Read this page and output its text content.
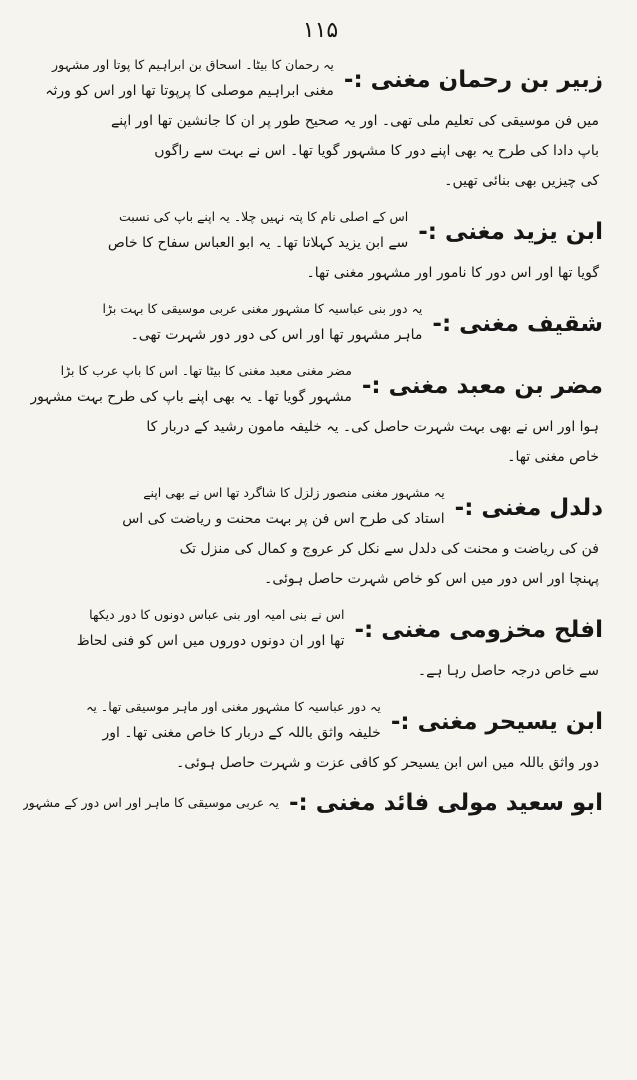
۱۱۵
زبیر بن رحمان مغنی :-
یہ رحمان کا بیٹا۔ اسحاق بن ابراہیم کا پوتا اور مشہور
مغنی ابراہیم موصلی کا پرپوتا تھا اور اس کو ورثہ
میں فن موسیقی کی تعلیم ملی تھی۔ اور یہ صحیح طور پر ان کا جانشین تھا اور اپنے
باپ دادا کی طرح یہ بھی اپنے دور کا مشہور گویا تھا۔ اس نے بہت سے راگوں
کی چیزیں بھی بنائی تھیں۔
ابن یزید مغنی :-
اس کے اصلی نام کا پتہ نہیں چلا۔ یہ اپنے باپ کی نسبت
سے ابن یزید کہلاتا تھا۔ یہ ابو العباس سفاح کا خاص
گویا تھا اور اس دور کا نامور اور مشہور مغنی تھا۔
شقیف مغنی :-
یہ دور بنی عباسیہ کا مشہور مغنی عربی موسیقی کا بہت بڑا
ماہر مشہور تھا اور اس کی دور دور شہرت تھی۔
مضر بن معبد مغنی :-
مضر مغنی معبد مغنی کا بیٹا تھا۔ اس کا باپ عرب کا بڑا
مشہور گویا تھا۔ یہ بھی اپنے باپ کی طرح بہت مشہور
ہوا اور اس نے بھی بہت شہرت حاصل کی۔ یہ خلیفہ مامون رشید کے دربار کا
خاص مغنی تھا۔
دلدل مغنی :-
یہ مشہور مغنی منصور زلزل کا شاگرد تھا اس نے بھی اپنے
استاد کی طرح اس فن پر بہت محنت و ریاضت کی اس
فن کی ریاضت و محنت کی دلدل سے نکل کر عروج و کمال کی منزل تک
پہنچا اور اس دور میں اس کو خاص شہرت حاصل ہوئی۔
افلح مخزومی مغنی :-
اس نے بنی امیہ اور بنی عباس دونوں کا دور دیکھا
تھا اور ان دونوں دوروں میں اس کو فنی لحاظ
سے خاص درجہ حاصل رہا ہے۔
ابن یسیحر مغنی :-
یہ دور عباسیہ کا مشہور مغنی اور ماہر موسیقی تھا۔ یہ
خلیفہ واثق باللہ کے دربار کا خاص مغنی تھا۔ اور
دور واثق باللہ میں اس ابن یسیحر کو کافی عزت و شہرت حاصل ہوئی۔
ابو سعید مولی فائد مغنی :-
یہ عربی موسیقی کا ماہر اور اس دور کے مشہور
